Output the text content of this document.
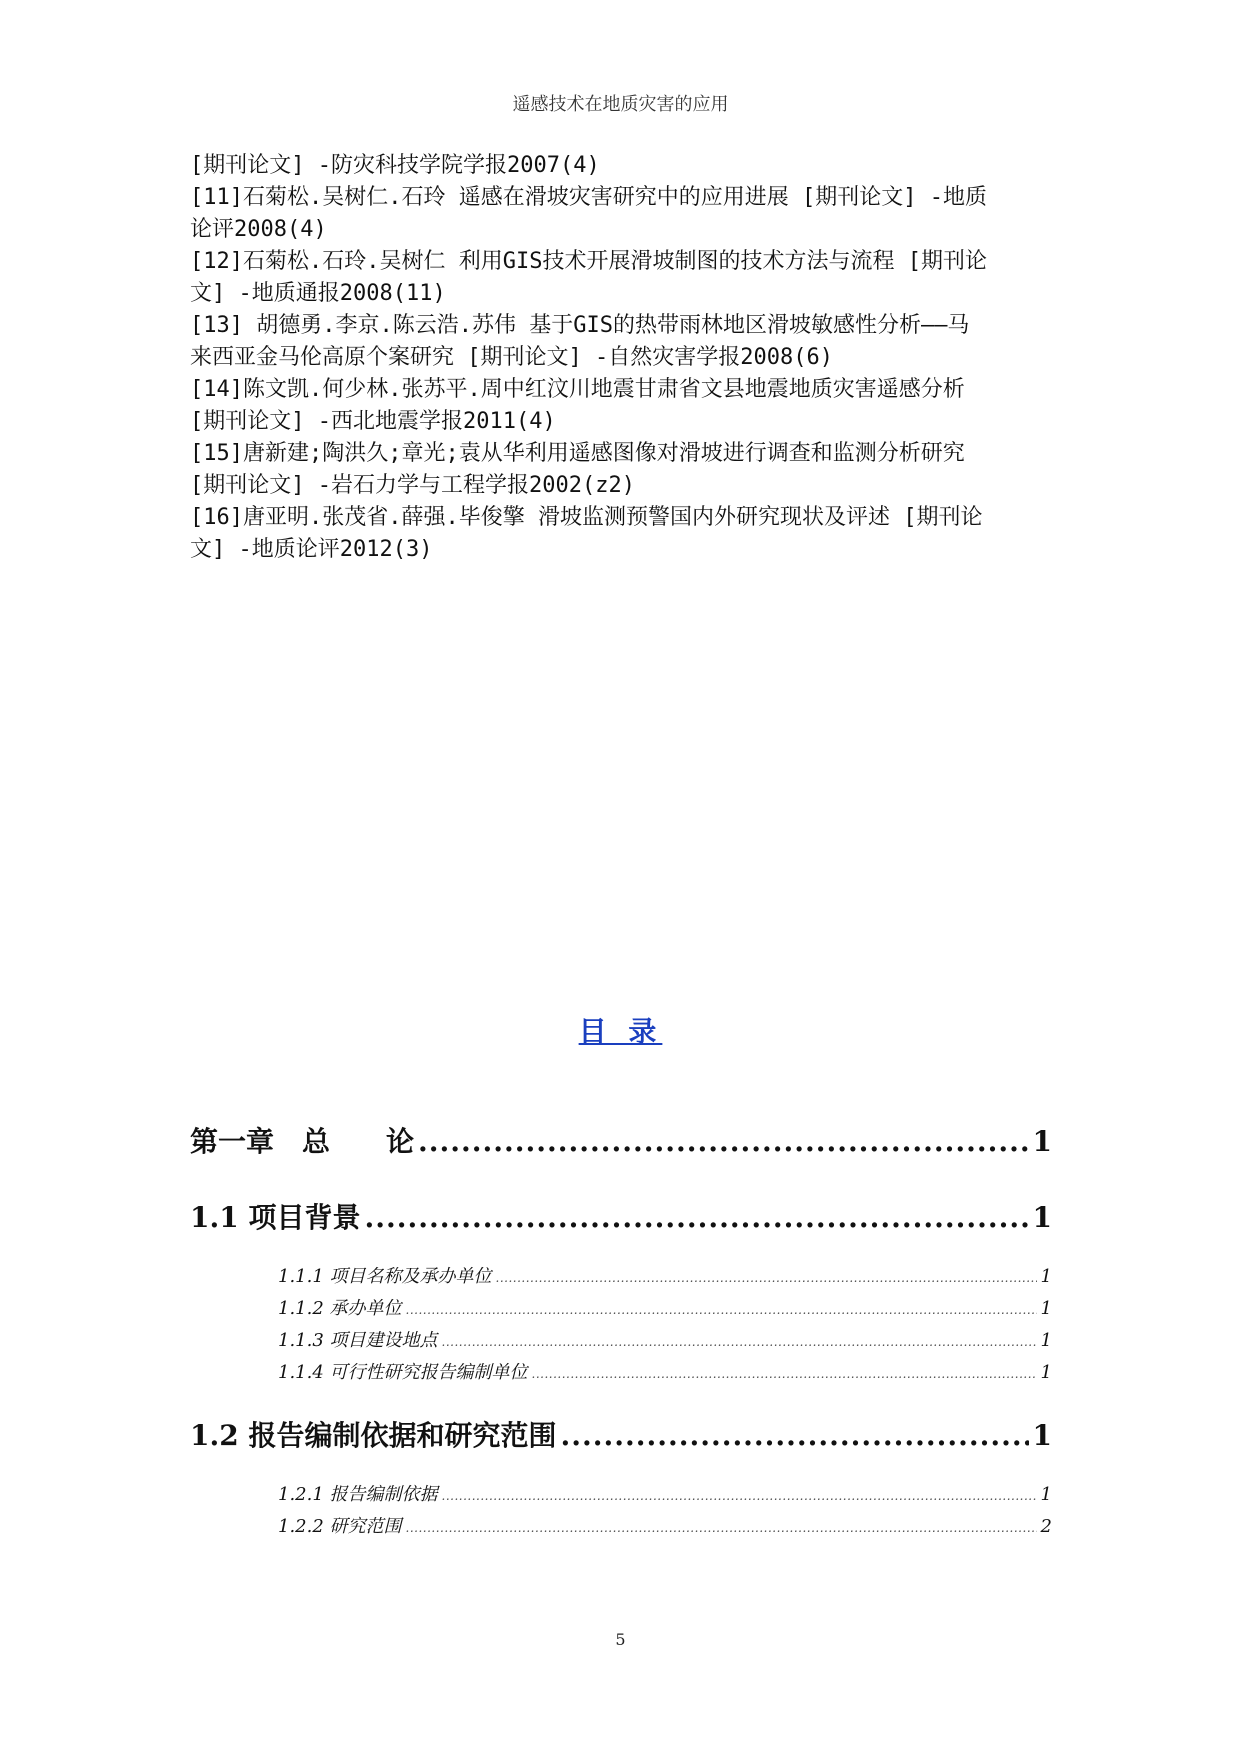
遥感技术在地质灾害的应用
[期刊论文] -防灾科技学院学报2007(4)
[11]石菊松.吴树仁.石玲 遥感在滑坡灾害研究中的应用进展 [期刊论文] -地质
论评2008(4)
[12]石菊松.石玲.吴树仁 利用GIS技术开展滑坡制图的技术方法与流程 [期刊论
文] -地质通报2008(11)
[13] 胡德勇.李京.陈云浩.苏伟 基于GIS的热带雨林地区滑坡敏感性分析——马
来西亚金马伦高原个案研究 [期刊论文] -自然灾害学报2008(6)
[14]陈文凯.何少林.张苏平.周中红汶川地震甘肃省文县地震地质灾害遥感分析
[期刊论文] -西北地震学报2011(4)
[15]唐新建;陶洪久;章光;袁从华利用遥感图像对滑坡进行调查和监测分析研究
[期刊论文] -岩石力学与工程学报2002(z2)
[16]唐亚明.张茂省.薛强.毕俊擎 滑坡监测预警国内外研究现状及评述 [期刊论
文] -地质论评2012(3)
目 录
第一章　总　　论 .....	1
1.1 项目背景 .....	1
1.1.1 项目名称及承办单位 .....	1
1.1.2 承办单位 .....	1
1.1.3 项目建设地点 .....	1
1.1.4 可行性研究报告编制单位 .....	1
1.2 报告编制依据和研究范围 .....	1
1.2.1 报告编制依据 .....	1
1.2.2 研究范围 .....	2
5
